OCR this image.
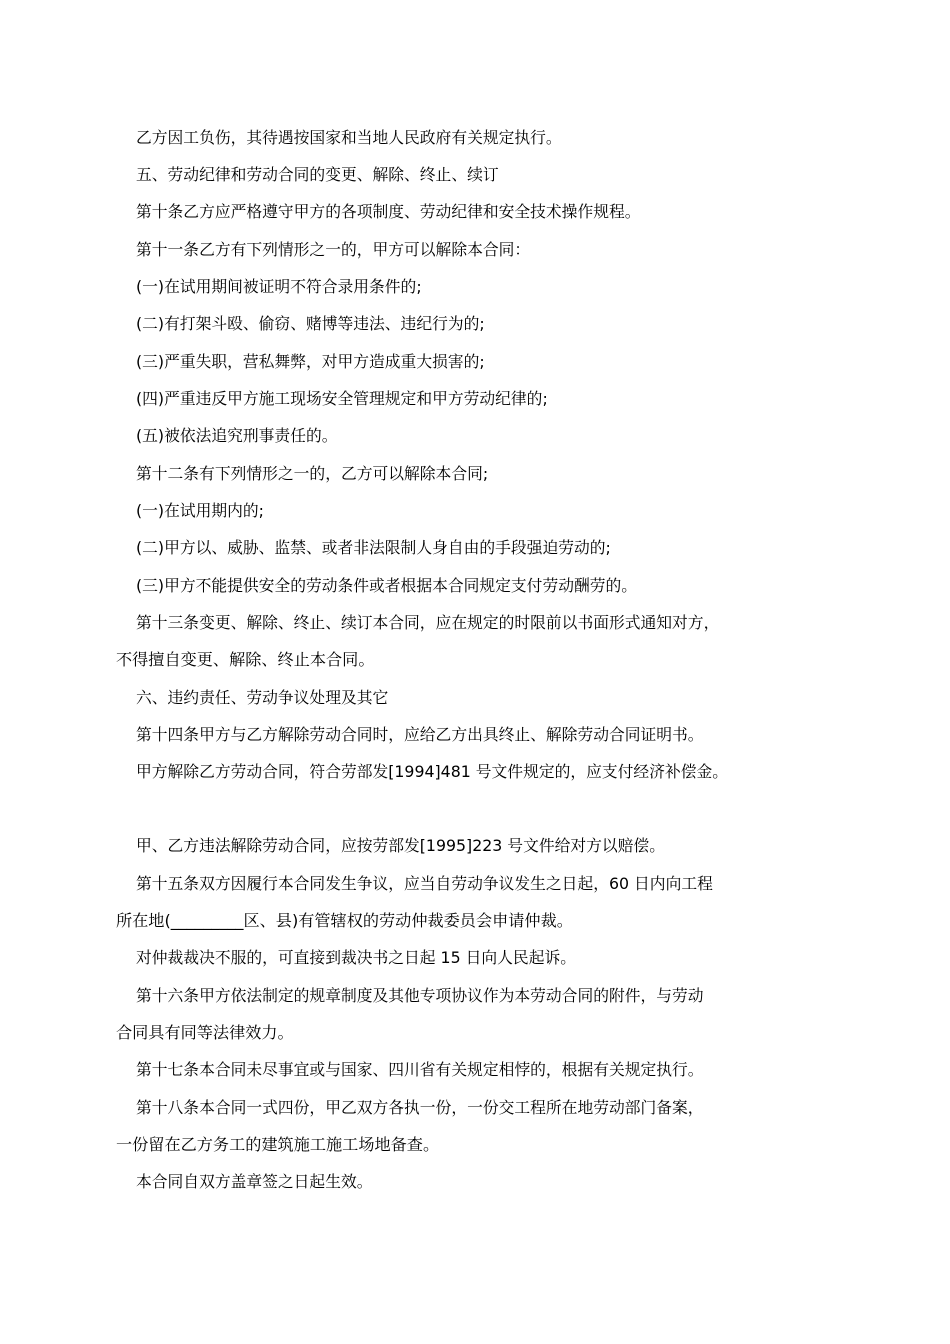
乙方因工负伤，其待遇按国家和当地人民政府有关规定执行。
五、劳动纪律和劳动合同的变更、解除、终止、续订
第十条乙方应严格遵守甲方的各项制度、劳动纪律和安全技术操作规程。
第十一条乙方有下列情形之一的，甲方可以解除本合同：
(一)在试用期间被证明不符合录用条件的;
(二)有打架斗殴、偷窃、赌博等违法、违纪行为的;
(三)严重失职，营私舞弊，对甲方造成重大损害的;
(四)严重违反甲方施工现场安全管理规定和甲方劳动纪律的;
(五)被依法追究刑事责任的。
第十二条有下列情形之一的，乙方可以解除本合同;
(一)在试用期内的;
(二)甲方以、威胁、监禁、或者非法限制人身自由的手段强迫劳动的;
(三)甲方不能提供安全的劳动条件或者根据本合同规定支付劳动酬劳的。
第十三条变更、解除、终止、续订本合同，应在规定的时限前以书面形式通知对方，
不得擅自变更、解除、终止本合同。
六、违约责任、劳动争议处理及其它
第十四条甲方与乙方解除劳动合同时，应给乙方出具终止、解除劳动合同证明书。
甲方解除乙方劳动合同，符合劳部发[1994]481 号文件规定的，应支付经济补偿金。
甲、乙方违法解除劳动合同，应按劳部发[1995]223 号文件给对方以赔偿。
第十五条双方因履行本合同发生争议，应当自劳动争议发生之日起，60 日内向工程
所在地(_________区、县)有管辖权的劳动仲裁委员会申请仲裁。
对仲裁裁决不服的，可直接到裁决书之日起 15 日向人民起诉。
第十六条甲方依法制定的规章制度及其他专项协议作为本劳动合同的附件，与劳动
合同具有同等法律效力。
第十七条本合同未尽事宜或与国家、四川省有关规定相悖的，根据有关规定执行。
第十八条本合同一式四份，甲乙双方各执一份，一份交工程所在地劳动部门备案，
一份留在乙方务工的建筑施工施工场地备查。
本合同自双方盖章签之日起生效。
